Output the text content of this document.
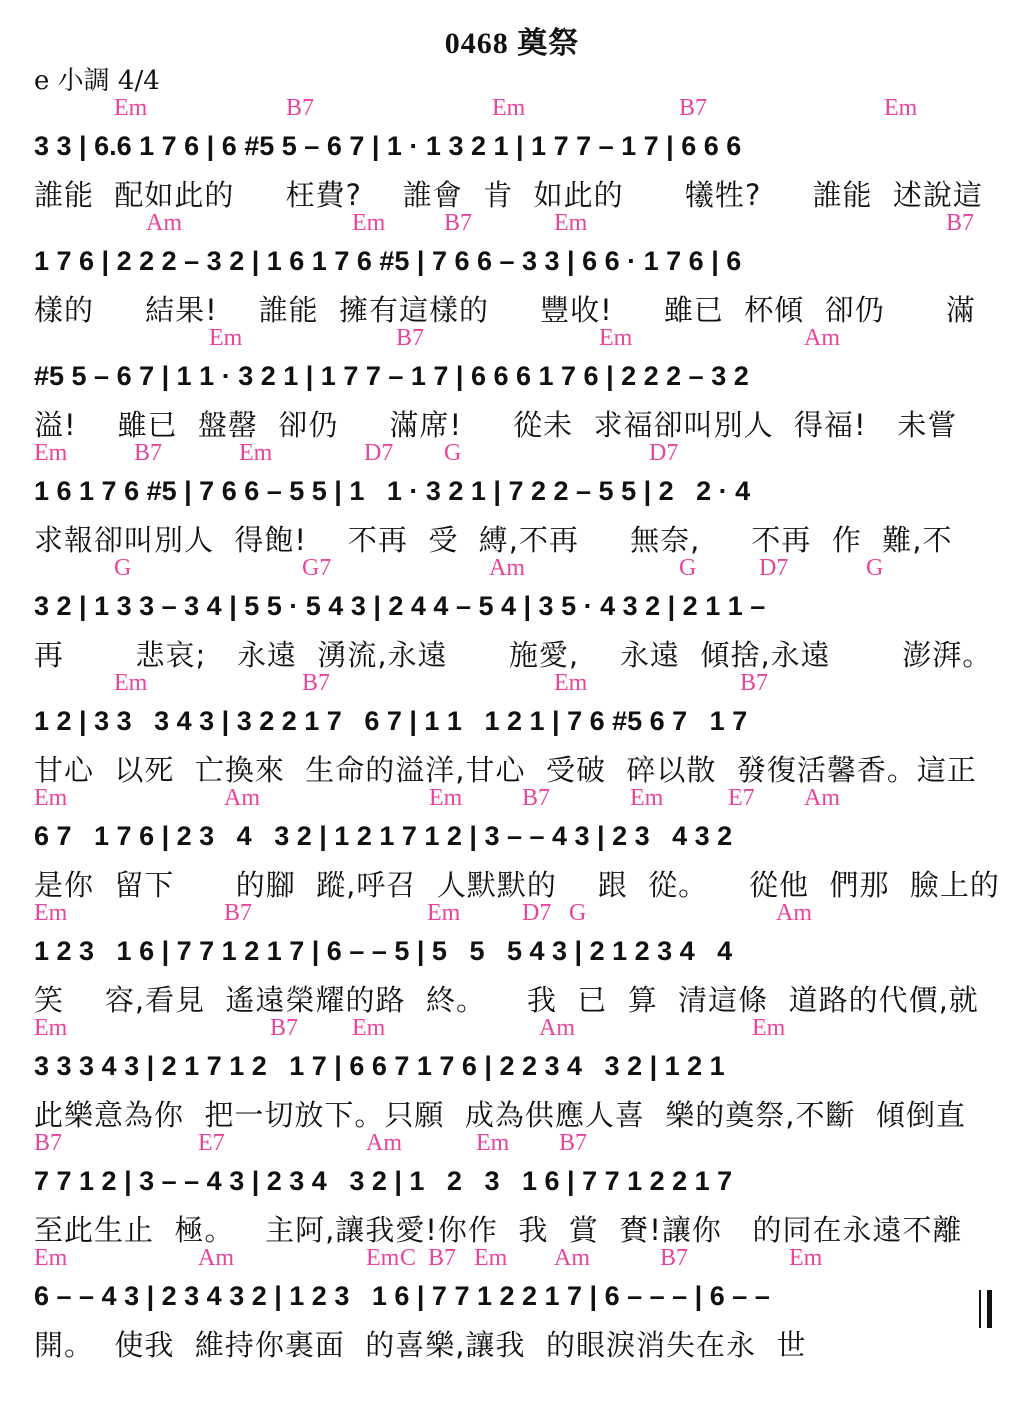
0468 奠祭
e 小調 4/4
Em	B7	Em	B7	Em
3 3 | 6.6 1 7 6 | 6 #5 5 – 6 7 | 1 · 1 3 2 1 | 1 7 7 – 1 7 | 6 6 6
誰能  配如此的     枉費?    誰會  肯  如此的      犧牲?     誰能  述說這
Am	Em B7	Em	B7
1 7 6 | 2 2 2 – 3 2 | 1 6 1 7 6 #5 | 7 6 6 – 3 3 | 6 6 · 1 7 6 | 6
樣的     結果!    誰能  擁有這樣的     豐收!     雖已  杯傾  卻仍      滿
Em	B7	Em	Am
#5 5 – 6 7 | 1 1 · 3 2 1 | 1 7 7 – 1 7 | 6 6 6 1 7 6 | 2 2 2 – 3 2
溢!    雖已  盤罄  卻仍     滿席!     從未  求福卻叫別人  得福!   未嘗
Em	B7	Em	D7 G	D7
1 6 1 7 6 #5 | 7 6 6 – 5 5 | 1   1 · 3 2 1 | 7 2 2 – 5 5 | 2   2 · 4
求報卻叫別人  得飽!    不再  受  縛,不再     無奈,     不再  作  難,不
G	G7	Am	G	D7	G
3 2 | 1 3 3 – 3 4 | 5 5 · 5 4 3 | 2 4 4 – 5 4 | 3 5 · 4 3 2 | 2 1 1 –
再       悲哀;   永遠  湧流,永遠      施愛,    永遠  傾捨,永遠       澎湃。
Em	B7	Em	B7
1 2 | 3 3   3 4 3 | 3 2 2 1 7   6 7 | 1 1   1 2 1 | 7 6 #5 6 7   1 7
甘心  以死  亡換來  生命的溢洋,甘心  受破  碎以散  發復活馨香。這正
Em	Am	Em B7	Em	E7 Am
6 7   1 7 6 | 2 3   4   3 2 | 1 2 1 7 1 2 | 3 – – 4 3 | 2 3   4 3 2
是你  留下      的腳  蹤,呼召  人默默的    跟  從。    從他  們那  臉上的
Em	B7	Em	D7 G	Am
1 2 3   1 6 | 7 7 1 2 1 7 | 6 – – 5 | 5   5   5 4 3 | 2 1 2 3 4   4
笑    容,看見  遙遠榮耀的路  終。    我  已  算  清這條  道路的代價,就
Em	B7 Em	Am	Em
3 3 3 4 3 | 2 1 7 1 2   1 7 | 6 6 7 1 7 6 | 2 2 3 4   3 2 | 1 2 1
此樂意為你  把一切放下。只願  成為供應人喜  樂的奠祭,不斷  傾倒直
B7	E7	Am	Em B7
7 7 1 2 | 3 – – 4 3 | 2 3 4   3 2 | 1   2   3   1 6 | 7 7 1 2 2 1 7
至此生止  極。   主阿,讓我愛!你作  我  賞  賚!讓你   的同在永遠不離
Em	Am	Em C B7 Em Am	B7	Em
6 – – 4 3 | 2 3 4 3 2 | 1 2 3   1 6 | 7 7 1 2 2 1 7 | 6 – – – | 6 – –
開。  使我  維持你裏面  的喜樂,讓我  的眼淚消失在永  世
